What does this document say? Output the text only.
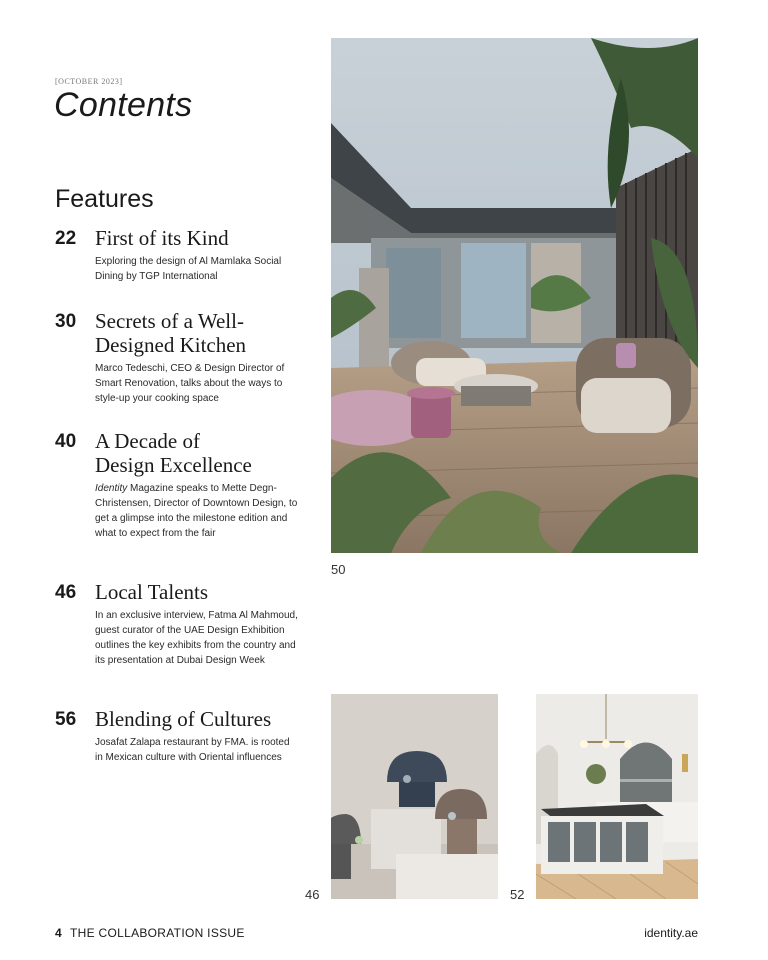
[OCTOBER 2023]
Contents
Features
22 First of its Kind
Exploring the design of Al Mamlaka Social Dining by TGP International
30 Secrets of a Well-
Designed Kitchen
Marco Tedeschi, CEO & Design Director of Smart Renovation, talks about the ways to style-up your cooking space
40 A Decade of
Design Excellence
Identity Magazine speaks to Mette Degn-Christensen, Director of Downtown Design, to get a glimpse into the milestone edition and what to expect from the fair
46 Local Talents
In an exclusive interview, Fatma Al Mahmoud, guest curator of the UAE Design Exhibition outlines the key exhibits from the country and its presentation at Dubai Design Week
56 Blending of Cultures
Josafat Zalapa restaurant by FMA. is rooted in Mexican culture with Oriental influences
50
46	52
4 THE COLLABORATION ISSUE	identity.ae
